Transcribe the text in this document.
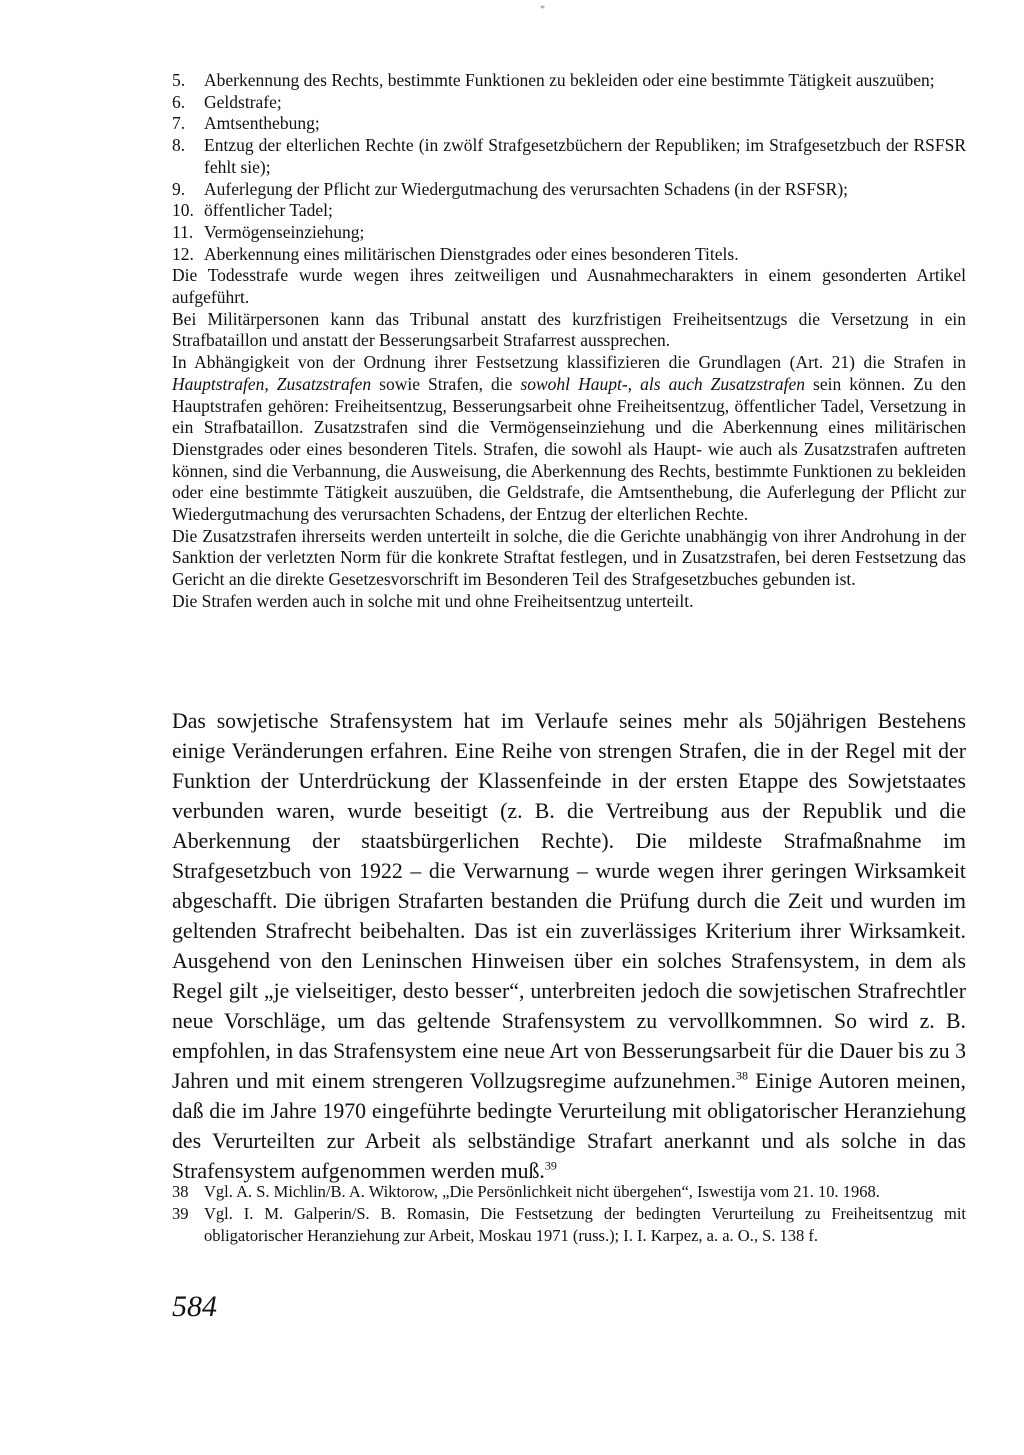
*
5.	Aberkennung des Rechts, bestimmte Funktionen zu bekleiden oder eine bestimmte Tätigkeit auszuüben;
6.	Geldstrafe;
7.	Amtsenthebung;
8.	Entzug der elterlichen Rechte (in zwölf Strafgesetzbüchern der Republiken; im Strafgesetzbuch der RSFSR fehlt sie);
9.	Auferlegung der Pflicht zur Wiedergutmachung des verursachten Schadens (in der RSFSR);
10. öffentlicher Tadel;
11. Vermögenseinziehung;
12. Aberkennung eines militärischen Dienstgrades oder eines besonderen Titels.
Die Todesstrafe wurde wegen ihres zeitweiligen und Ausnahmecharakters in einem gesonderten Artikel aufgeführt.
Bei Militärpersonen kann das Tribunal anstatt des kurzfristigen Freiheitsentzugs die Versetzung in ein Strafbataillon und anstatt der Besserungsarbeit Strafarrest aussprechen.
In Abhängigkeit von der Ordnung ihrer Festsetzung klassifizieren die Grundlagen (Art. 21) die Strafen in Hauptstrafen, Zusatzstrafen sowie Strafen, die sowohl Haupt-, als auch Zusatzstrafen sein können. Zu den Hauptstrafen gehören: Freiheitsentzug, Besserungsarbeit ohne Freiheitsentzug, öffentlicher Tadel, Versetzung in ein Strafbataillon. Zusatzstrafen sind die Vermögenseinziehung und die Aberkennung eines militärischen Dienstgrades oder eines besonderen Titels. Strafen, die sowohl als Haupt- wie auch als Zusatzstrafen auftreten können, sind die Verbannung, die Ausweisung, die Aberkennung des Rechts, bestimmte Funktionen zu bekleiden oder eine bestimmte Tätigkeit auszuüben, die Geldstrafe, die Amtsenthebung, die Auferlegung der Pflicht zur Wiedergutmachung des verursachten Schadens, der Entzug der elterlichen Rechte.
Die Zusatzstrafen ihrerseits werden unterteilt in solche, die die Gerichte unabhängig von ihrer Androhung in der Sanktion der verletzten Norm für die konkrete Straftat festlegen, und in Zusatzstrafen, bei deren Festsetzung das Gericht an die direkte Gesetzesvorschrift im Besonderen Teil des Strafgesetzbuches gebunden ist.
Die Strafen werden auch in solche mit und ohne Freiheitsentzug unterteilt.
Das sowjetische Strafensystem hat im Verlaufe seines mehr als 50jährigen Bestehens einige Veränderungen erfahren. Eine Reihe von strengen Strafen, die in der Regel mit der Funktion der Unterdrückung der Klassenfeinde in der ersten Etappe des Sowjetstaates verbunden waren, wurde beseitigt (z. B. die Vertreibung aus der Republik und die Aberkennung der staatsbürgerlichen Rechte). Die mildeste Strafmaßnahme im Strafgesetzbuch von 1922 – die Verwarnung – wurde wegen ihrer geringen Wirksamkeit abgeschafft. Die übrigen Strafarten bestanden die Prüfung durch die Zeit und wurden im geltenden Strafrecht beibehalten. Das ist ein zuverlässiges Kriterium ihrer Wirksamkeit. Ausgehend von den Leninschen Hinweisen über ein solches Strafensystem, in dem als Regel gilt „je vielseitiger, desto besser“, unterbreiten jedoch die sowjetischen Strafrechtler neue Vorschläge, um das geltende Strafensystem zu vervollkommnen. So wird z. B. empfohlen, in das Strafensystem eine neue Art von Besserungsarbeit für die Dauer bis zu 3 Jahren und mit einem strengeren Vollzugsregime aufzunehmen.$^{38}$ Einige Autoren meinen, daß die im Jahre 1970 eingeführte bedingte Verurteilung mit obligatorischer Heranziehung des Verurteilten zur Arbeit als selbständige Strafart anerkannt und als solche in das Strafensystem aufgenommen werden muß.$^{39}$
38 Vgl. A. S. Michlin/B. A. Wiktorow, „Die Persönlichkeit nicht übergehen“, Iswestija vom 21. 10. 1968.
39 Vgl. I. M. Galperin/S. B. Romasin, Die Festsetzung der bedingten Verurteilung zu Freiheitsentzug mit obligatorischer Heranziehung zur Arbeit, Moskau 1971 (russ.); I. I. Karpez, a. a. O., S. 138 f.
584
